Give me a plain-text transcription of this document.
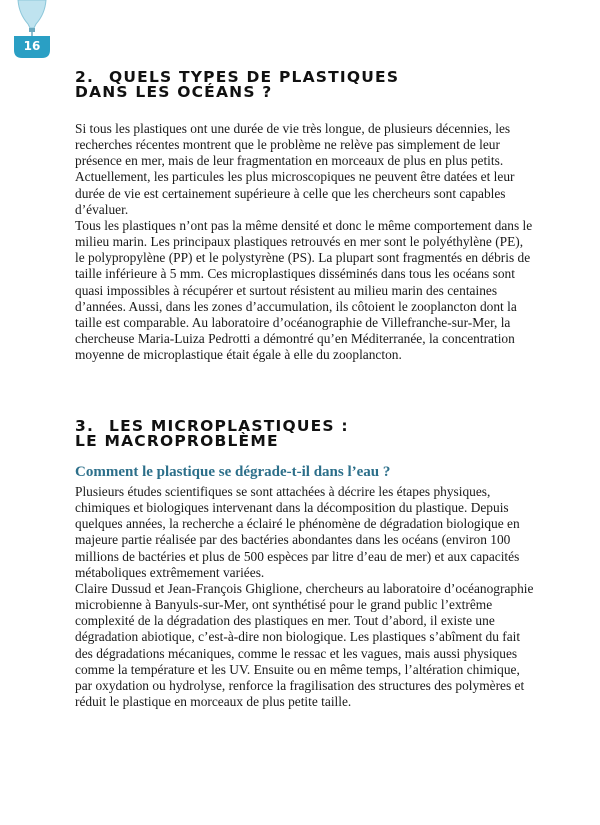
16
2. QUELS TYPES DE PLASTIQUES
DANS LES OCÉANS ?

Si tous les plastiques ont une durée de vie très longue, de plusieurs décennies, les recherches récentes montrent que le problème ne relève pas simplement de leur présence en mer, mais de leur fragmentation en morceaux de plus en plus petits.

Actuellement, les particules les plus microscopiques ne peuvent être datées et leur durée de vie est certainement supérieure à celle que les chercheurs sont capables d’évaluer.

Tous les plastiques n’ont pas la même densité et donc le même comportement dans le milieu marin. Les principaux plastiques retrouvés en mer sont le polyéthylène (PE), le polypropylène (PP) et le polystyrène (PS). La plupart sont fragmentés en débris de taille inférieure à 5 mm. Ces microplastiques disséminés dans tous les océans sont quasi impossibles à récupérer et surtout résistent au milieu marin des centaines d’années. Aussi, dans les zones d’accumulation, ils côtoient le zooplancton dont la taille est comparable. Au laboratoire d’océanographie de Villefranche-sur-Mer, la chercheuse Maria-Luiza Pedrotti a démontré qu’en Méditerranée, la concentration moyenne de microplastique était égale à elle du zooplancton.

3. LES MICROPLASTIQUES :
LE MACROPROBLÈME
Comment le plastique se dégrade-t-il dans l’eau ?

Plusieurs études scientifiques se sont attachées à décrire les étapes physiques, chimiques et biologiques intervenant dans la décomposition du plastique. Depuis quelques années, la recherche a éclairé le phénomène de dégradation biologique en majeure partie réalisée par des bactéries abondantes dans les océans (environ 100 millions de bactéries et plus de 500 espèces par litre d’eau de mer) et aux capacités métaboliques extrêmement variées.

Claire Dussud et Jean-François Ghiglione, chercheurs au laboratoire d’océanographie microbienne à Banyuls-sur-Mer, ont synthétisé pour le grand public l’extrême complexité de la dégradation des plastiques en mer. Tout d’abord, il existe une dégradation abiotique, c’est-à-dire non biologique. Les plastiques s’abîment du fait des dégradations mécaniques, comme le ressac et les vagues, mais aussi physiques comme la température et les UV. Ensuite ou en même temps, l’altération chimique, par oxydation ou hydrolyse, renforce la fragilisation des structures des polymères et réduit le plastique en morceaux de plus petite taille.
